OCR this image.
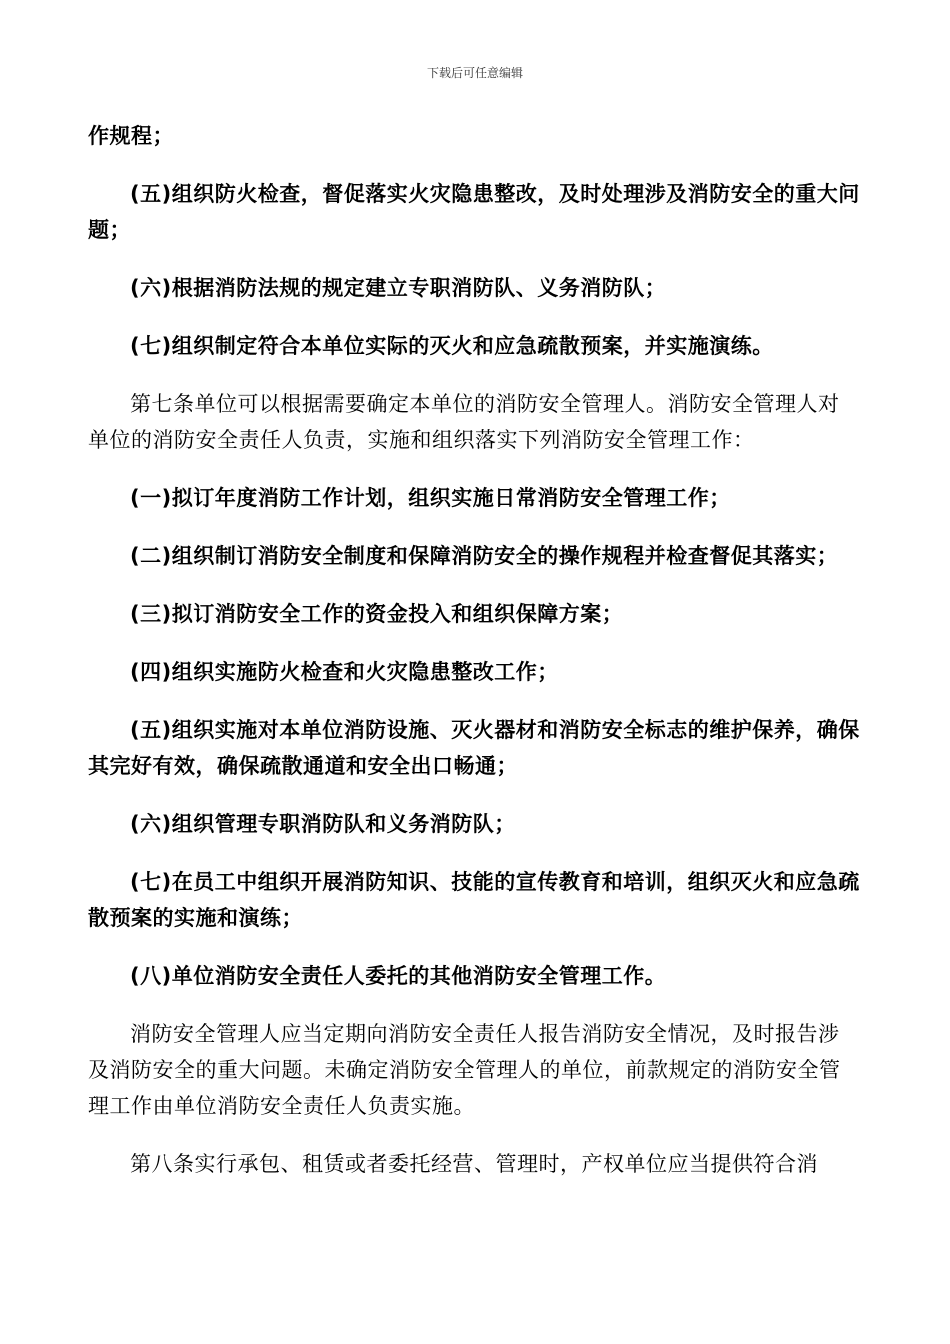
下载后可任意编辑

作规程；

(五)组织防火检查，督促落实火灾隐患整改，及时处理涉及消防安全的重大问题；

(六)根据消防法规的规定建立专职消防队、义务消防队；

(七)组织制定符合本单位实际的灭火和应急疏散预案，并实施演练。

第七条单位可以根据需要确定本单位的消防安全管理人。消防安全管理人对单位的消防安全责任人负责，实施和组织落实下列消防安全管理工作：

(一)拟订年度消防工作计划，组织实施日常消防安全管理工作；

(二)组织制订消防安全制度和保障消防安全的操作规程并检查督促其落实；

(三)拟订消防安全工作的资金投入和组织保障方案；

(四)组织实施防火检查和火灾隐患整改工作；

(五)组织实施对本单位消防设施、灭火器材和消防安全标志的维护保养，确保其完好有效，确保疏散通道和安全出口畅通；

(六)组织管理专职消防队和义务消防队；

(七)在员工中组织开展消防知识、技能的宣传教育和培训，组织灭火和应急疏散预案的实施和演练；

(八)单位消防安全责任人委托的其他消防安全管理工作。

消防安全管理人应当定期向消防安全责任人报告消防安全情况，及时报告涉及消防安全的重大问题。未确定消防安全管理人的单位，前款规定的消防安全管理工作由单位消防安全责任人负责实施。

第八条实行承包、租赁或者委托经营、管理时，产权单位应当提供符合消
